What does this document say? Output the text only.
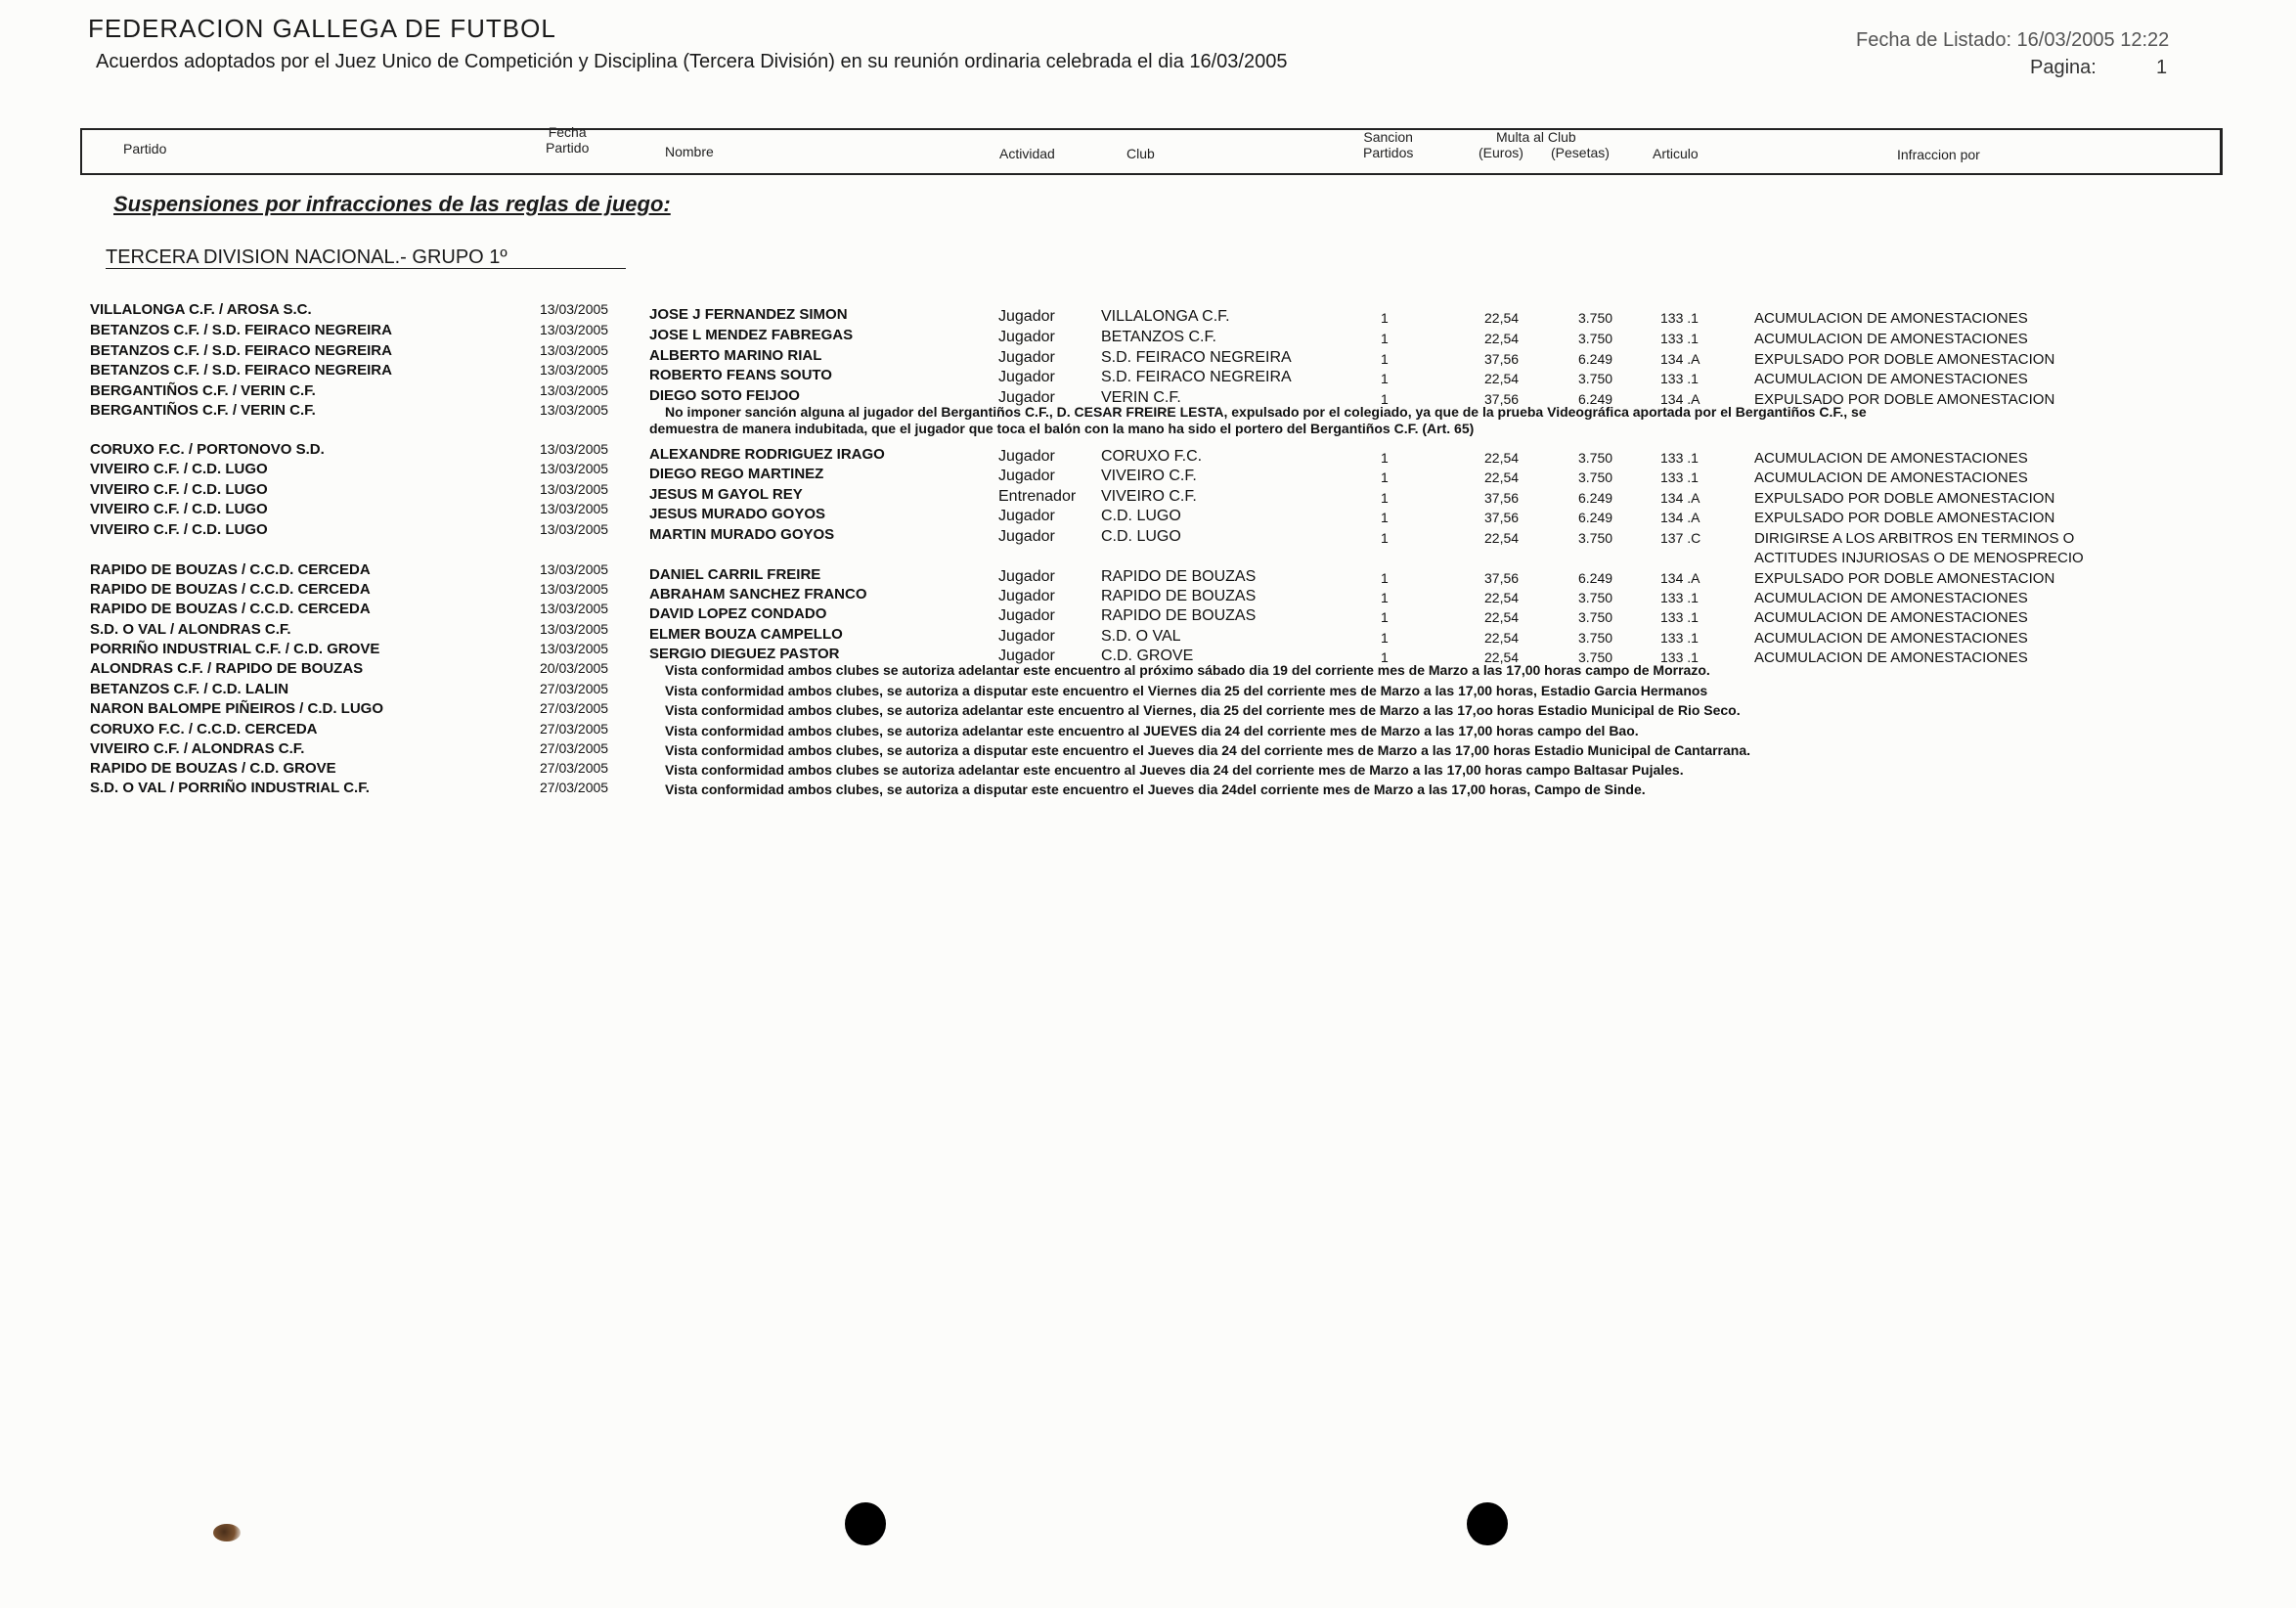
FEDERACION GALLEGA DE FUTBOL
Acuerdos adoptados por el Juez Unico de Competición y Disciplina (Tercera División) en su reunión ordinaria celebrada el dia 16/03/2005
Fecha de Listado: 16/03/2005 12:22
Pagina:	1
Partido
Fecha
Partido	Nombre	Actividad	Club
Sancion
Partidos
Multa al Club
(Euros) (Pesetas)	Articulo	Infraccion por
Suspensiones por infracciones de las reglas de juego:
TERCERA DIVISION NACIONAL.- GRUPO 1º
VILLALONGA C.F. / AROSA S.C.	13/03/2005	JOSE J FERNANDEZ SIMON	Jugador	VILLALONGA C.F.	1	22,54	3.750	133 .1	ACUMULACION DE AMONESTACIONES
BETANZOS C.F. / S.D. FEIRACO NEGREIRA	13/03/2005	JOSE L MENDEZ FABREGAS	Jugador	BETANZOS C.F.	1	22,54	3.750	133 .1	ACUMULACION DE AMONESTACIONES
BETANZOS C.F. / S.D. FEIRACO NEGREIRA	13/03/2005	ALBERTO MARINO RIAL	Jugador	S.D. FEIRACO NEGREIRA	1	37,56	6.249	134 .A	EXPULSADO POR DOBLE AMONESTACION
BETANZOS C.F. / S.D. FEIRACO NEGREIRA	13/03/2005	ROBERTO FEANS SOUTO	Jugador	S.D. FEIRACO NEGREIRA	1	22,54	3.750	133 .1	ACUMULACION DE AMONESTACIONES
BERGANTIÑOS C.F. / VERIN C.F.	13/03/2005	DIEGO SOTO FEIJOO	Jugador	VERIN C.F.	1	37,56	6.249	134 .A	EXPULSADO POR DOBLE AMONESTACION
BERGANTIÑOS C.F. / VERIN C.F.	13/03/2005	No imponer sanción alguna al jugador del Bergantiños C.F., D. CESAR FREIRE LESTA, expulsado por el colegiado, ya que de la prueba Videográfica aportada por el Bergantiños C.F., se
demuestra de manera indubitada, que el jugador que toca el balón con la mano ha sido el portero del Bergantiños C.F. (Art. 65)
CORUXO F.C. / PORTONOVO S.D.	13/03/2005	ALEXANDRE RODRIGUEZ IRAGO	Jugador	CORUXO F.C.	1	22,54	3.750	133 .1	ACUMULACION DE AMONESTACIONES
VIVEIRO C.F. / C.D. LUGO	13/03/2005	DIEGO REGO MARTINEZ	Jugador	VIVEIRO C.F.	1	22,54	3.750	133 .1	ACUMULACION DE AMONESTACIONES
VIVEIRO C.F. / C.D. LUGO	13/03/2005	JESUS M GAYOL REY	Entrenador VIVEIRO C.F.	1	37,56	6.249	134 .A	EXPULSADO POR DOBLE AMONESTACION
VIVEIRO C.F. / C.D. LUGO	13/03/2005	JESUS MURADO GOYOS	Jugador	C.D. LUGO	1	37,56	6.249	134 .A	EXPULSADO POR DOBLE AMONESTACION
VIVEIRO C.F. / C.D. LUGO	13/03/2005	MARTIN MURADO GOYOS	Jugador	C.D. LUGO	1	22,54	3.750	137 .C	DIRIGIRSE A LOS ARBITROS EN TERMINOS O
ACTITUDES INJURIOSAS O DE MENOSPRECIO
RAPIDO DE BOUZAS / C.C.D. CERCEDA	13/03/2005	DANIEL CARRIL FREIRE	Jugador	RAPIDO DE BOUZAS	1	37,56	6.249	134 .A	EXPULSADO POR DOBLE AMONESTACION
RAPIDO DE BOUZAS / C.C.D. CERCEDA	13/03/2005	ABRAHAM SANCHEZ FRANCO	Jugador	RAPIDO DE BOUZAS	1	22,54	3.750	133 .1	ACUMULACION DE AMONESTACIONES
RAPIDO DE BOUZAS / C.C.D. CERCEDA	13/03/2005	DAVID LOPEZ CONDADO	Jugador	RAPIDO DE BOUZAS	1	22,54	3.750	133 .1	ACUMULACION DE AMONESTACIONES
S.D. O VAL / ALONDRAS C.F.	13/03/2005	ELMER BOUZA CAMPELLO	Jugador	S.D. O VAL	1	22,54	3.750	133 .1	ACUMULACION DE AMONESTACIONES
PORRIÑO INDUSTRIAL C.F. / C.D. GROVE	13/03/2005	SERGIO DIEGUEZ PASTOR	Jugador	C.D. GROVE	1	22,54	3.750	133 .1	ACUMULACION DE AMONESTACIONES
ALONDRAS C.F. / RAPIDO DE BOUZAS	20/03/2005	Vista conformidad ambos clubes se autoriza adelantar este encuentro al próximo sábado dia 19 del corriente mes de Marzo a las 17,00 horas campo de Morrazo.
BETANZOS C.F. / C.D. LALIN	27/03/2005	Vista conformidad ambos clubes, se autoriza a disputar este encuentro el Viernes dia 25 del corriente mes de Marzo a las 17,00 horas, Estadio Garcia Hermanos
NARON BALOMPE PIÑEIROS / C.D. LUGO	27/03/2005	Vista conformidad ambos clubes, se autoriza adelantar este encuentro al Viernes, dia 25 del corriente mes de Marzo a las 17,oo horas Estadio Municipal de Rio Seco.
CORUXO F.C. / C.C.D. CERCEDA	27/03/2005	Vista conformidad ambos clubes, se autoriza adelantar este encuentro al JUEVES dia 24 del corriente mes de Marzo a las 17,00 horas campo del Bao.
VIVEIRO C.F. / ALONDRAS C.F.	27/03/2005	Vista conformidad ambos clubes, se autoriza a disputar este encuentro el Jueves dia 24 del corriente mes de Marzo a las 17,00 horas Estadio Municipal de Cantarrana.
RAPIDO DE BOUZAS / C.D. GROVE	27/03/2005	Vista conformidad ambos clubes se autoriza adelantar este encuentro al Jueves dia 24 del corriente mes de Marzo a las 17,00 horas campo Baltasar Pujales.
S.D. O VAL / PORRIÑO INDUSTRIAL C.F.	27/03/2005	Vista conformidad ambos clubes, se autoriza a disputar este encuentro el Jueves dia 24del corriente mes de Marzo a las 17,00 horas, Campo de Sinde.
